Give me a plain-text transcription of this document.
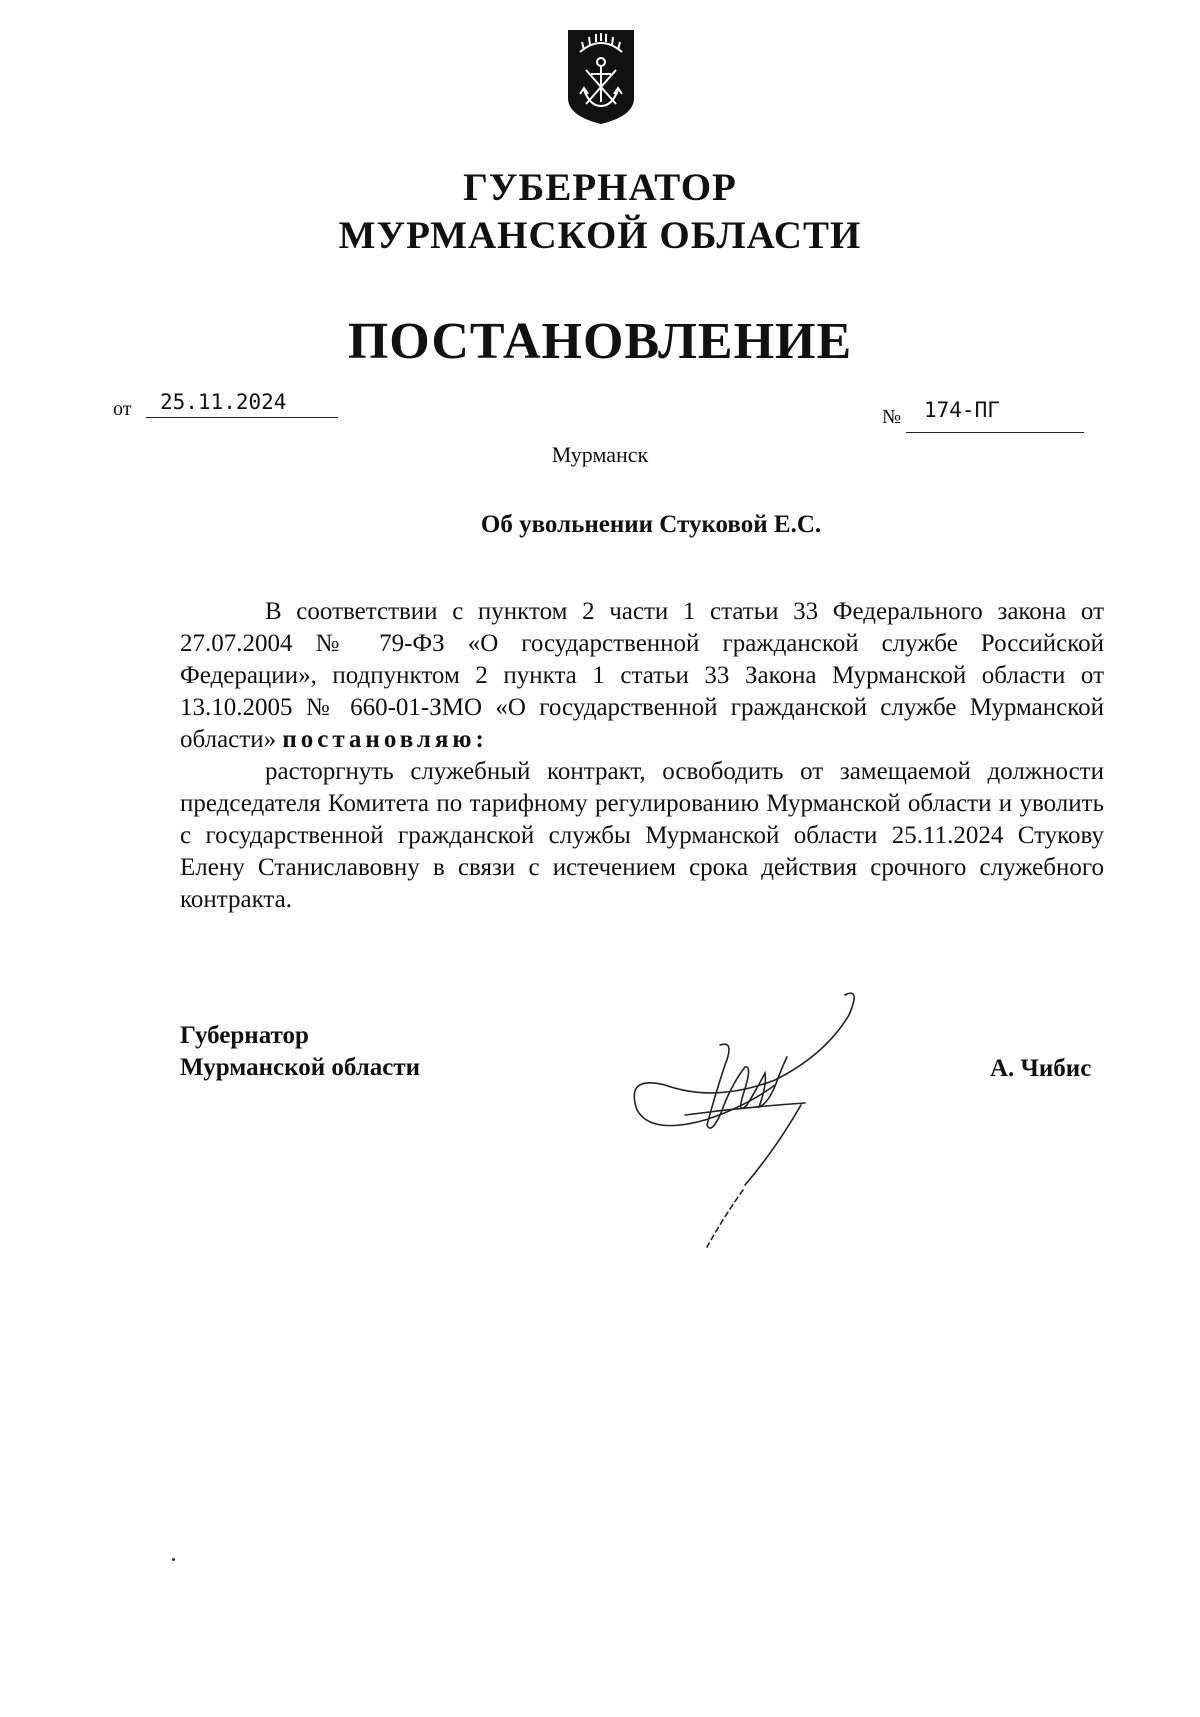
ГУБЕРНАТОР
МУРМАНСКОЙ ОБЛАСТИ
ПОСТАНОВЛЕНИЕ
от 25.11.2024
№ 174-ПГ
Мурманск
Об увольнении Стуковой Е.С.

В соответствии с пунктом 2 части 1 статьи 33 Федерального закона от 27.07.2004 № 79-ФЗ «О государственной гражданской службе Российской Федерации», подпунктом 2 пункта 1 статьи 33 Закона Мурманской области от 13.10.2005 № 660-01-ЗМО «О государственной гражданской службе Мурманской области» постановляю:

расторгнуть служебный контракт, освободить от замещаемой должности председателя Комитета по тарифному регулированию Мурманской области и уволить с государственной гражданской службы Мурманской области 25.11.2024 Стукову Елену Станиславовну в связи с истечением срока действия срочного служебного контракта.

Губернатор
Мурманской области	А. Чибис
